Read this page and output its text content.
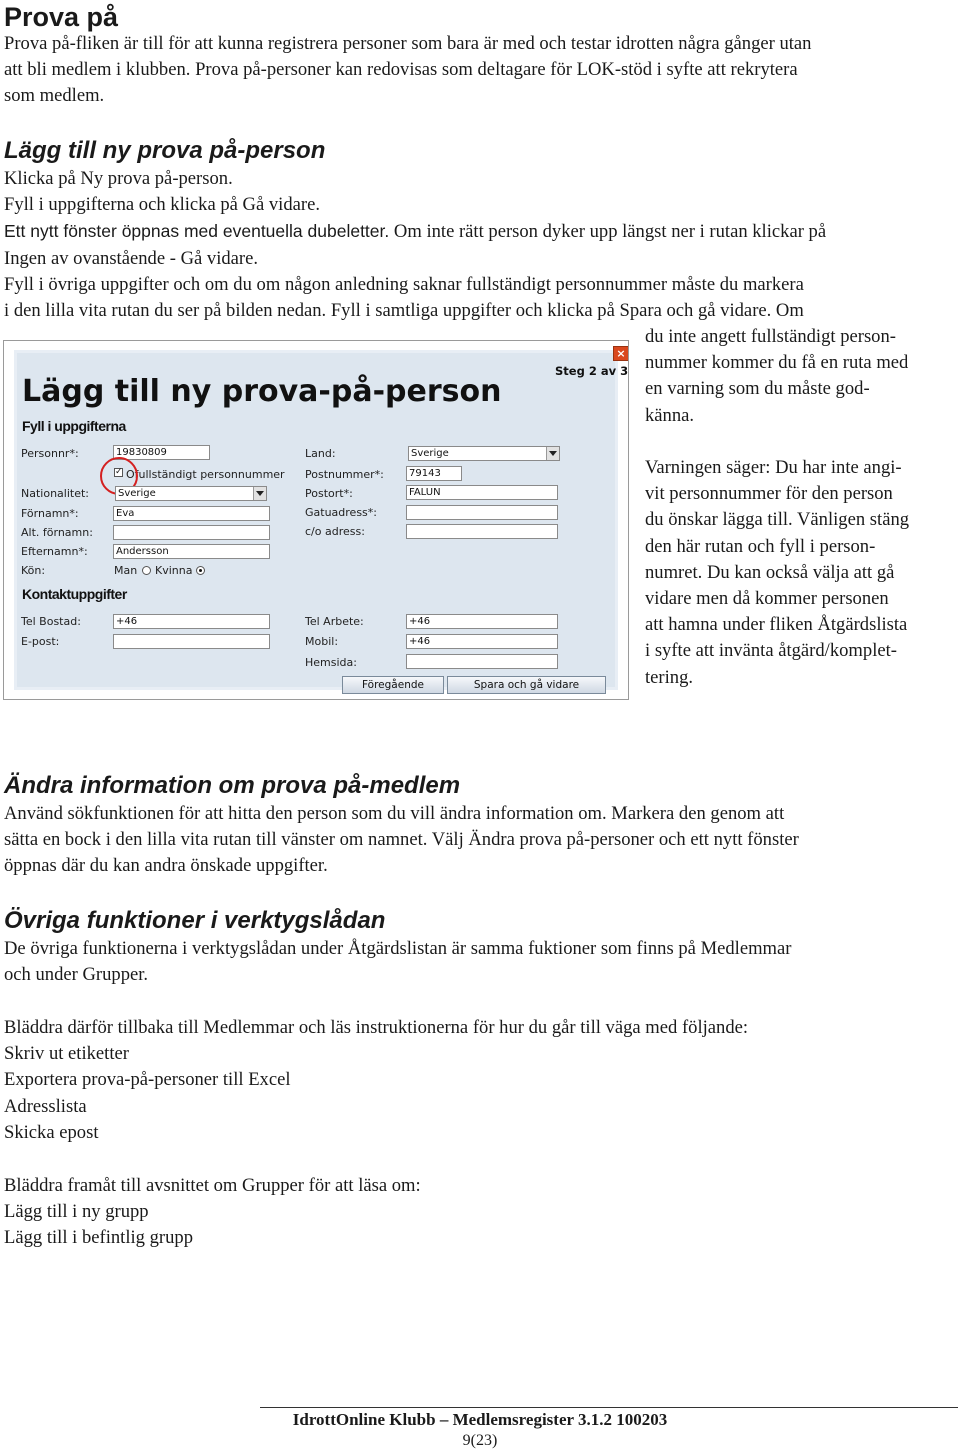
Prova på
Prova på-fliken är till för att kunna registrera personer som bara är med och testar idrotten några gånger utan
att bli medlem i klubben. Prova på-personer kan redovisas som deltagare för LOK-stöd i syfte att rekrytera
som medlem.
Lägg till ny prova på-person
Klicka på Ny prova på-person.
Fyll i uppgifterna och klicka på Gå vidare.
Ett nytt fönster öppnas med eventuella dubeletter. Om inte rätt person dyker upp längst ner i rutan klickar på
Ingen av ovanstående - Gå vidare.
Fyll i övriga uppgifter och om du om någon anledning saknar fullständigt personnummer måste du markera
i den lilla vita rutan du ser på bilden nedan. Fyll i samtliga uppgifter och klicka på Spara och gå vidare. Om
du inte angett fullständigt person-
nummer kommer du få en ruta med
en varning som du måste god-
känna.
Varningen säger: Du har inte angi-
vit personnummer för den person
du önskar lägga till. Vänligen stäng
den här rutan och fyll i person-
numret. Du kan också välja att gå
vidare men då kommer personen
att hamna under fliken Åtgärdslista
i syfte att invänta åtgärd/komplet-
tering.
×
Steg 2 av 3
Lägg till ny prova-på-person
Fyll i uppgifterna
Personnr*:	19830809
✓ Ofullständigt personnummer
Nationalitet:	Sverige
Förnamn*:	Eva
Alt. förnamn:
Efternamn*:	Andersson
Kön:	Man Kvinna
Kontaktuppgifter
Tel Bostad:	+46
E-post:
Land:	Sverige
Postnummer*:	79143
Postort*:	FALUN
Gatuadress*:
c/o adress:
Tel Arbete:	+46
Mobil:	+46
Hemsida:
Föregående	Spara och gå vidare
Ändra information om prova på-medlem
Använd sökfunktionen för att hitta den person som du vill ändra information om. Markera den genom att
sätta en bock i den lilla vita rutan till vänster om namnet. Välj Ändra prova på-personer och ett nytt fönster
öppnas där du kan andra önskade uppgifter.
Övriga funktioner i verktygslådan
De övriga funktionerna i verktygslådan under Åtgärdslistan är samma fuktioner som finns på Medlemmar
och under Grupper.
Bläddra därför tillbaka till Medlemmar och läs instruktionerna för hur du går till väga med följande:
Skriv ut etiketter
Exportera prova-på-personer till Excel
Adresslista
Skicka epost
Bläddra framåt till avsnittet om Grupper för att läsa om:
Lägg till i ny grupp
Lägg till i befintlig grupp
IdrottOnline Klubb – Medlemsregister 3.1.2 100203
9(23)
